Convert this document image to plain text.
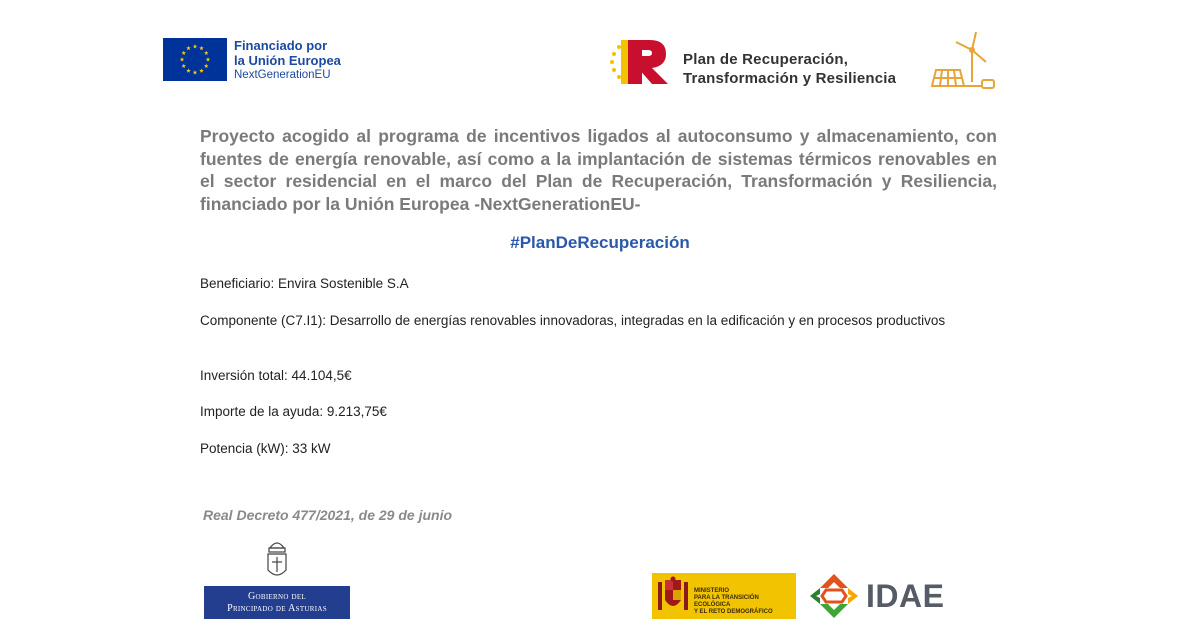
Financiado por
la Unión Europea
NextGenerationEU
Plan de Recuperación,
Transformación y Resiliencia
Proyecto acogido al programa de incentivos ligados al autoconsumo y almacenamiento, con fuentes de energía renovable, así como a la implantación de sistemas térmicos renovables en el sector residencial en el marco del Plan de Recuperación, Transformación y Resiliencia, financiado por la Unión Europea -NextGenerationEU-
#PlanDeRecuperación
Beneficiario: Envira Sostenible S.A
Componente (C7.I1): Desarrollo de energías renovables innovadoras, integradas en la edificación y en procesos productivos
Inversión total: 44.104,5€
Importe de la ayuda: 9.213,75€
Potencia (kW): 33 kW
Real Decreto 477/2021, de 29 de junio
Gobierno del
Principado de Asturias
MINISTERIO
PARA LA TRANSICIÓN ECOLÓGICA
Y EL RETO DEMOGRÁFICO	IDAE
